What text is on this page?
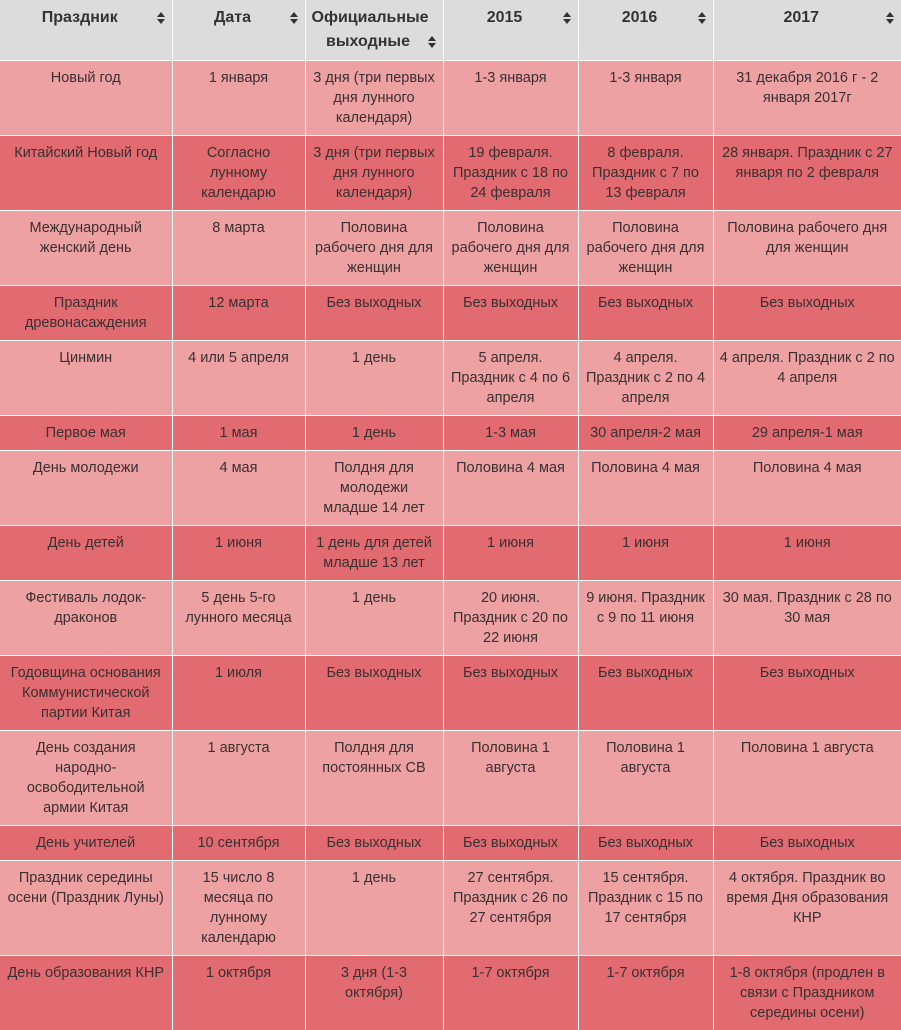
Праздник	Дата	Официальные выходные	2015	2016	2017

Новый год	1 января	3 дня (три первых дня лунного календаря)	1-3 января	1-3 января	31 декабря 2016 г - 2 января 2017г
Китайский Новый год	Согласно лунному календарю	3 дня (три первых дня лунного календаря)	19 февраля. Праздник с 18 по 24 февраля	8 февраля. Праздник с 7 по 13 февраля	28 января. Праздник с 27 января по 2 февраля
Международный женский день	8 марта	Половина рабочего дня для женщин	Половина рабочего дня для женщин	Половина рабочего дня для женщин	Половина рабочего дня для женщин
Праздник древонасаждения	12 марта	Без выходных	Без выходных	Без выходных	Без выходных
Цинмин	4 или 5 апреля	1 день	5 апреля. Праздник с 4 по 6 апреля	4 апреля. Праздник с 2 по 4 апреля	4 апреля. Праздник с 2 по 4 апреля
Первое мая	1 мая	1 день	1-3 мая	30 апреля-2 мая	29 апреля-1 мая
День молодежи	4 мая	Полдня для молодежи младше 14 лет	Половина 4 мая	Половина 4 мая	Половина 4 мая
День детей	1 июня	1 день для детей младше 13 лет	1 июня	1 июня	1 июня
Фестиваль лодок-драконов	5 день 5-го лунного месяца	1 день	20 июня. Праздник с 20 по 22 июня	9 июня. Праздник с 9 по 11 июня	30 мая. Праздник с 28 по 30 мая
Годовщина основания Коммунистической партии Китая	1 июля	Без выходных	Без выходных	Без выходных	Без выходных
День создания народно-освободительной армии Китая	1 августа	Полдня для постоянных СВ	Половина 1 августа	Половина 1 августа	Половина 1 августа
День учителей	10 сентября	Без выходных	Без выходных	Без выходных	Без выходных
Праздник середины осени (Праздник Луны)	15 число 8 месяца по лунному календарю	1 день	27 сентября. Праздник с 26 по 27 сентября	15 сентября. Праздник с 15 по 17 сентября	4 октября. Праздник во время Дня образования КНР
День образования КНР	1 октября	3 дня (1-3 октября)	1-7 октября	1-7 октября	1-8 октября (продлен в связи с Праздником середины осени)
